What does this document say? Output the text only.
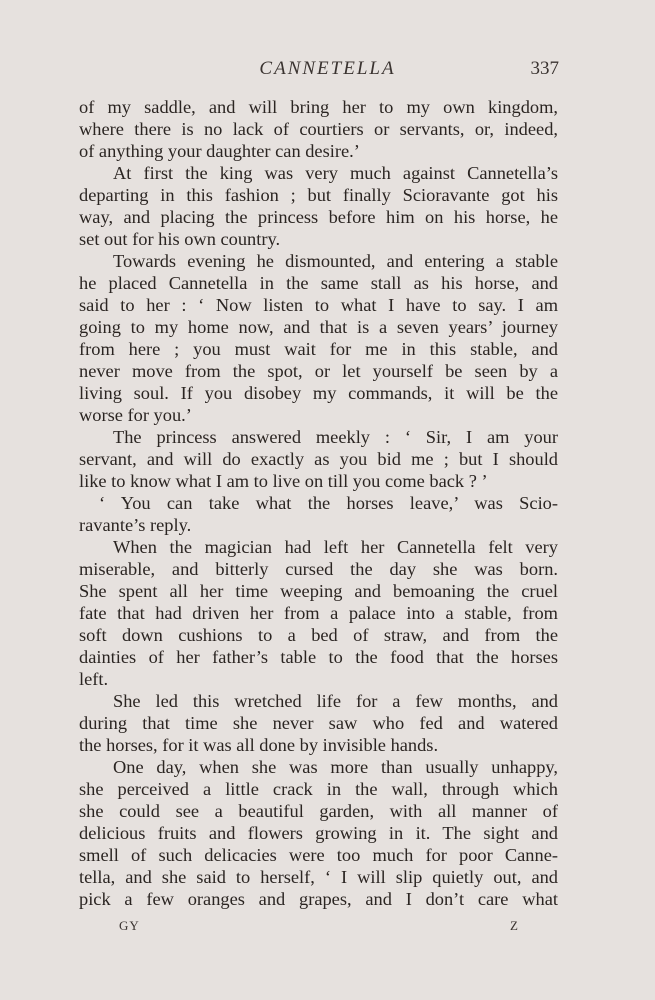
CANNETELLA	337
of my saddle, and will bring her to my own kingdom,
where there is no lack of courtiers or servants, or, indeed,
of anything your daughter can desire.’
At first the king was very much against Cannetella’s
departing in this fashion ; but finally Scioravante got his
way, and placing the princess before him on his horse, he
set out for his own country.
Towards evening he dismounted, and entering a stable
he placed Cannetella in the same stall as his horse, and
said to her : ‘ Now listen to what I have to say. I am
going to my home now, and that is a seven years’ journey
from here ; you must wait for me in this stable, and
never move from the spot, or let yourself be seen by a
living soul. If you disobey my commands, it will be the
worse for you.’
The princess answered meekly : ‘ Sir, I am your
servant, and will do exactly as you bid me ; but I should
like to know what I am to live on till you come back ? ’
‘ You can take what the horses leave,’ was Scio-
ravante’s reply.
When the magician had left her Cannetella felt very
miserable, and bitterly cursed the day she was born.
She spent all her time weeping and bemoaning the cruel
fate that had driven her from a palace into a stable, from
soft down cushions to a bed of straw, and from the
dainties of her father’s table to the food that the horses
left.
She led this wretched life for a few months, and
during that time she never saw who fed and watered
the horses, for it was all done by invisible hands.
One day, when she was more than usually unhappy,
she perceived a little crack in the wall, through which
she could see a beautiful garden, with all manner of
delicious fruits and flowers growing in it. The sight and
smell of such delicacies were too much for poor Canne-
tella, and she said to herself, ‘ I will slip quietly out, and
pick a few oranges and grapes, and I don’t care what
GY	Z
